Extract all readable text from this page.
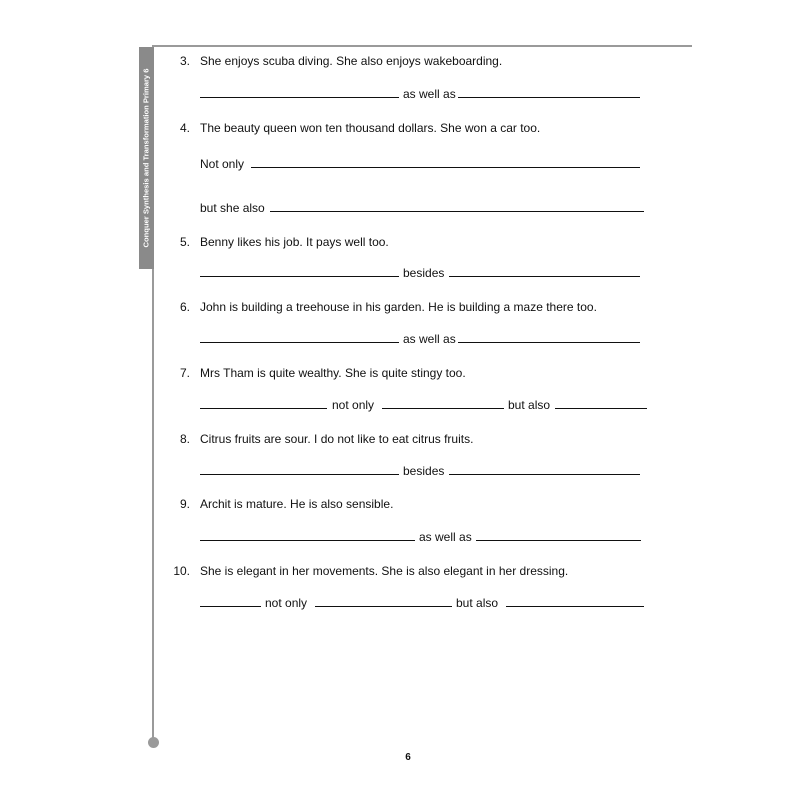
Conquer Synthesis and Transformation Primary 6
3. She enjoys scuba diving. She also enjoys wakeboarding.
as well as
4. The beauty queen won ten thousand dollars. She won a car too.
Not only
but she also
5. Benny likes his job. It pays well too.
besides
6. John is building a treehouse in his garden. He is building a maze there too.
as well as
7. Mrs Tham is quite wealthy. She is quite stingy too.
not only	but also
8. Citrus fruits are sour. I do not like to eat citrus fruits.
besides
9. Archit is mature. He is also sensible.
as well as
10. She is elegant in her movements. She is also elegant in her dressing.
not only	but also
6
